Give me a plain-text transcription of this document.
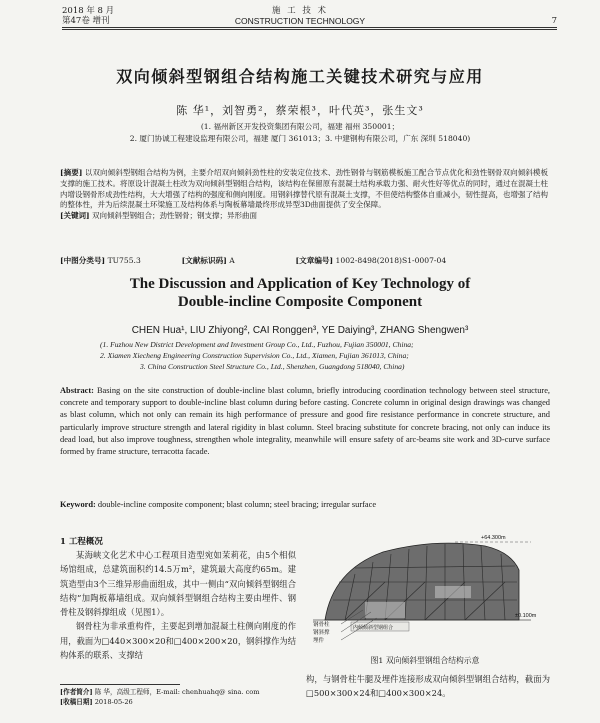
2018 年 8 月
第47卷 增刊
施 工 技 术
CONSTRUCTION TECHNOLOGY	7
双向倾斜型钢组合结构施工关键技术研究与应用
陈 华¹，刘智勇²，蔡荣根³，叶代英³，张生文³
(1. 福州新区开发投资集团有限公司，福建 福州 350001；
2. 厦门协诚工程建设监理有限公司，福建 厦门 361013；3. 中建钢构有限公司，广东 深圳 518040)
[摘要] 以双向倾斜型钢组合结构为例，主要介绍双向倾斜劲性柱的安装定位技术、劲性钢骨与钢筋模板施工配合节点优化和劲性钢骨双向倾斜模板支撑的施工技术。将原设计混凝土柱改为双向倾斜型钢组合结构，该结构在保留原有混凝土结构承载力强、耐火性好等优点的同时，通过在混凝土柱内增设钢骨形成劲性结构，大大增强了结构的强度和侧向刚度。用钢斜撑替代原有混凝土支撑，不但使结构整体自重减小，韧性提高，也增强了结构的整体性，并为后续混凝土环梁施工及结构体系与陶板幕墙最终形成异型3D曲面提供了安全保障。
[关键词] 双向倾斜型钢组合；劲性钢骨；钢支撑；异形曲面
[中图分类号] TU755.3	[文献标识码] A	[文章编号] 1002-8498(2018)S1-0007-04
The Discussion and Application of Key Technology of
Double-incline Composite Component
CHEN Hua¹, LIU Zhiyong², CAI Ronggen³, YE Daiying³, ZHANG Shengwen³
(1. Fuzhou New District Development and Investment Group Co., Ltd., Fuzhou, Fujian 350001, China;
2. Xiamen Xiecheng Engineering Construction Supervision Co., Ltd., Xiamen, Fujian 361013, China;
3. China Construction Steel Structure Co., Ltd., Shenzhen, Guangdong 518040, China)
Abstract: Basing on the site construction of double-incline blast column, briefly introducing coordination technology between steel structure, concrete and temporary support to double-incline blast column during before casting. Concrete column in original design drawings was changed as blast column, which not only can remain its high performance of pressure and good fire resistance performance in concrete structure, and particularly improve structure strength and lateral rigidity in blast column. Steel bracing substitute for concrete bracing, not only can induce its dead load, but also improve toughness, strengthen whole integrality, meanwhile will ensure safety of arc-beams site work and 3D-curve surface formed by frame structure, terracotta facade.
Keyword: double-incline composite component; blast column; steel bracing; irregular surface
1 工程概况
某海峡文化艺术中心工程项目造型宛如茉莉花，由5个相似场馆组成，总建筑面积约14.5万m²，建筑最大高度约65m。建筑造型由3个三维异形曲面组成，其中一侧由“双向倾斜型钢组合结构”加陶板幕墙组成。双向倾斜型钢组合结构主要由埋件、钢骨柱及钢斜撑组成（见图1）。
钢骨柱为非承重构件，主要起到增加混凝土柱侧向刚度的作用，截面为□440×300×20和□400×200×20，钢斜撑作为结构体系的联系、支撑结
+64.300m
±0.100m
钢骨柱
钢斜撑
埋件
内倾倾斜型钢组合
图1 双向倾斜型钢组合结构示意
构，与钢骨柱牛腿及埋件连接形成双向倾斜型钢组合结构，截面为□500×300×24和□400×300×24。
[作者简介] 陈 华，高级工程师，E-mail: chenhuahq@ sina. com
[收稿日期] 2018-05-26
